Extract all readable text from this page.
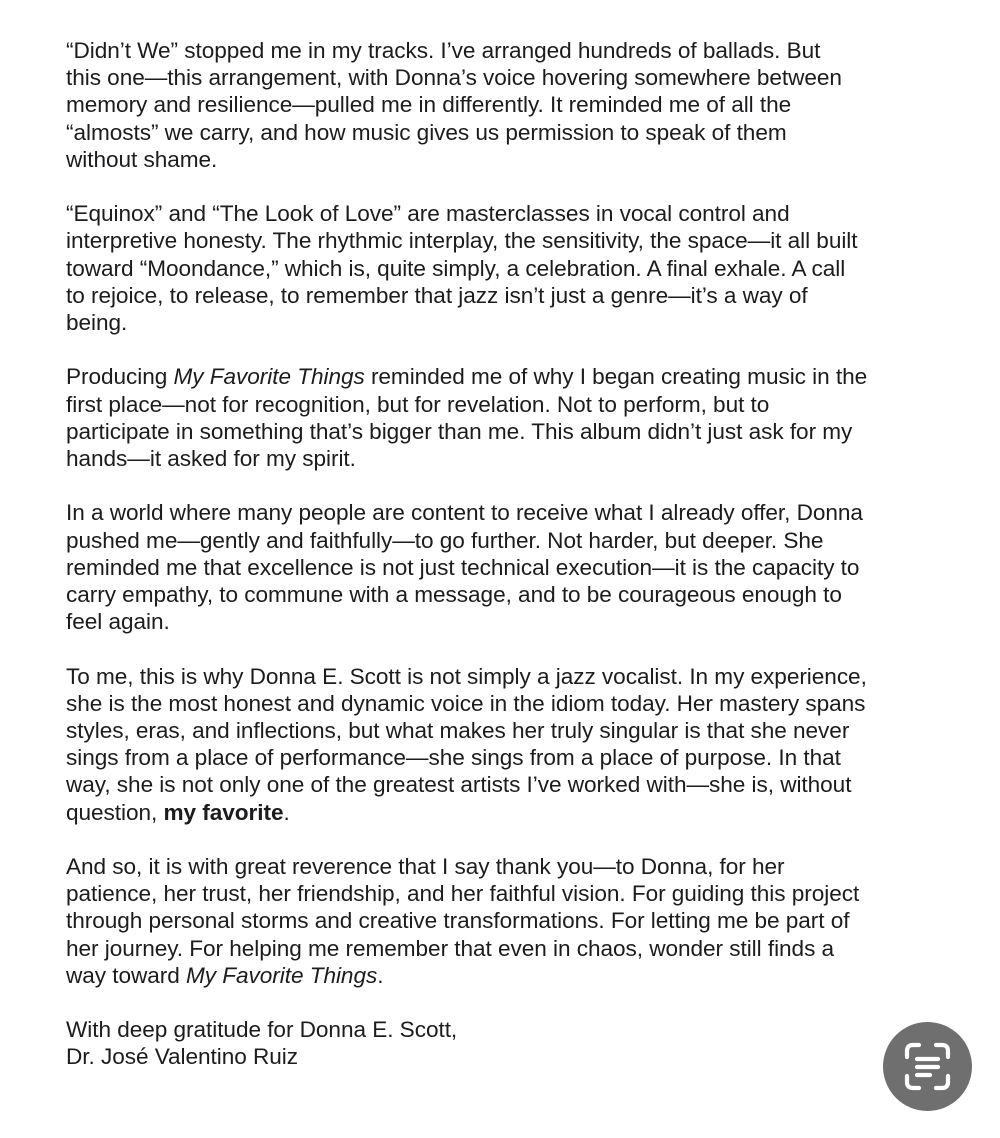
“Didn’t We” stopped me in my tracks. I’ve arranged hundreds of ballads. But
this one—this arrangement, with Donna’s voice hovering somewhere between
memory and resilience—pulled me in differently. It reminded me of all the
“almosts” we carry, and how music gives us permission to speak of them
without shame.

“Equinox” and “The Look of Love” are masterclasses in vocal control and
interpretive honesty. The rhythmic interplay, the sensitivity, the space—it all built
toward “Moondance,” which is, quite simply, a celebration. A final exhale. A call
to rejoice, to release, to remember that jazz isn’t just a genre—it’s a way of
being.

Producing My Favorite Things reminded me of why I began creating music in the
first place—not for recognition, but for revelation. Not to perform, but to
participate in something that’s bigger than me. This album didn’t just ask for my
hands—it asked for my spirit.

In a world where many people are content to receive what I already offer, Donna
pushed me—gently and faithfully—to go further. Not harder, but deeper. She
reminded me that excellence is not just technical execution—it is the capacity to
carry empathy, to commune with a message, and to be courageous enough to
feel again.

To me, this is why Donna E. Scott is not simply a jazz vocalist. In my experience,
she is the most honest and dynamic voice in the idiom today. Her mastery spans
styles, eras, and inflections, but what makes her truly singular is that she never
sings from a place of performance—she sings from a place of purpose. In that
way, she is not only one of the greatest artists I’ve worked with—she is, without
question, my favorite.

And so, it is with great reverence that I say thank you—to Donna, for her
patience, her trust, her friendship, and her faithful vision. For guiding this project
through personal storms and creative transformations. For letting me be part of
her journey. For helping me remember that even in chaos, wonder still finds a
way toward My Favorite Things.

With deep gratitude for Donna E. Scott,
Dr. José Valentino Ruiz
